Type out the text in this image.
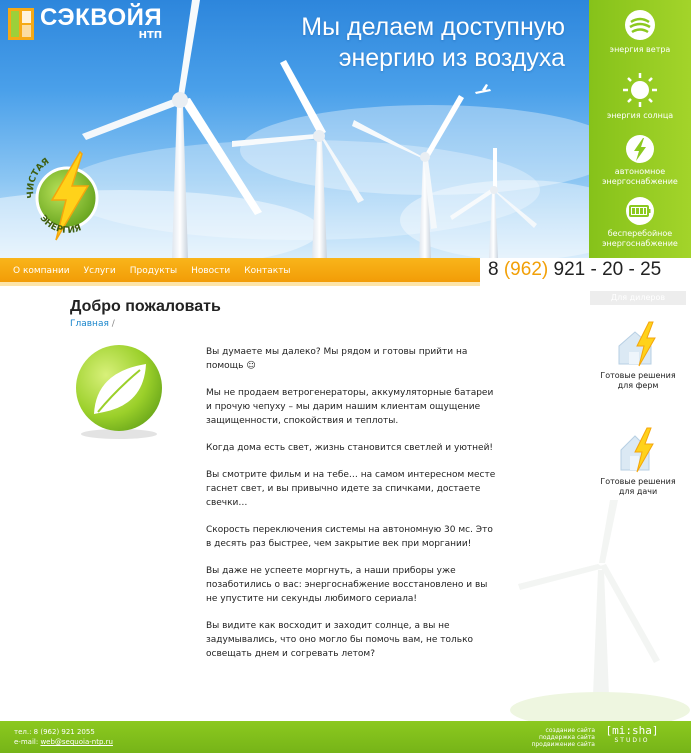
СЭКВОЙЯ
НТП	Мы делаем доступную
энергию из воздуха
ЧИСТАЯ
ЭНЕРГИЯ
энергия ветра
энергия солнца
автономное энергоснабжение
бесперебойное энергоснабжение
О компании Услуги Продукты Новости Контакты	8 (962) 921 - 20 - 25
Для дилеров
Добро пожаловать
Главная /

Вы думаете мы далеко? Мы рядом и готовы прийти на помощь ☺

Мы не продаем ветрогенераторы, аккумуляторные батареи и прочую чепуху – мы дарим нашим клиентам ощущение защищенности, спокойствия и теплоты.

Когда дома есть свет, жизнь становится светлей и уютней!

Вы смотрите фильм и на тебе… на самом интересном месте гаснет свет, и вы привычно идете за спичками, достаете свечки…

Скорость переключения системы на автономную 30 мс. Это в десять раз быстрее, чем закрытие век при моргании!

Вы даже не успеете моргнуть, а наши приборы уже позаботились о вас: энергоснабжение восстановлено и вы не упустите ни секунды любимого сериала!

Вы видите как восходит и заходит солнце, а вы не задумывались, что оно могло бы помочь вам, не только освещать днем и согревать летом?

Готовые решения
для ферм
Готовые решения
для дачи
тел.: 8 (962) 921 2055
e-mail: web@sequoia-ntp.ru
создание сайта
поддержка сайта
продвижение сайта
[mi:sha]
STUDIO
